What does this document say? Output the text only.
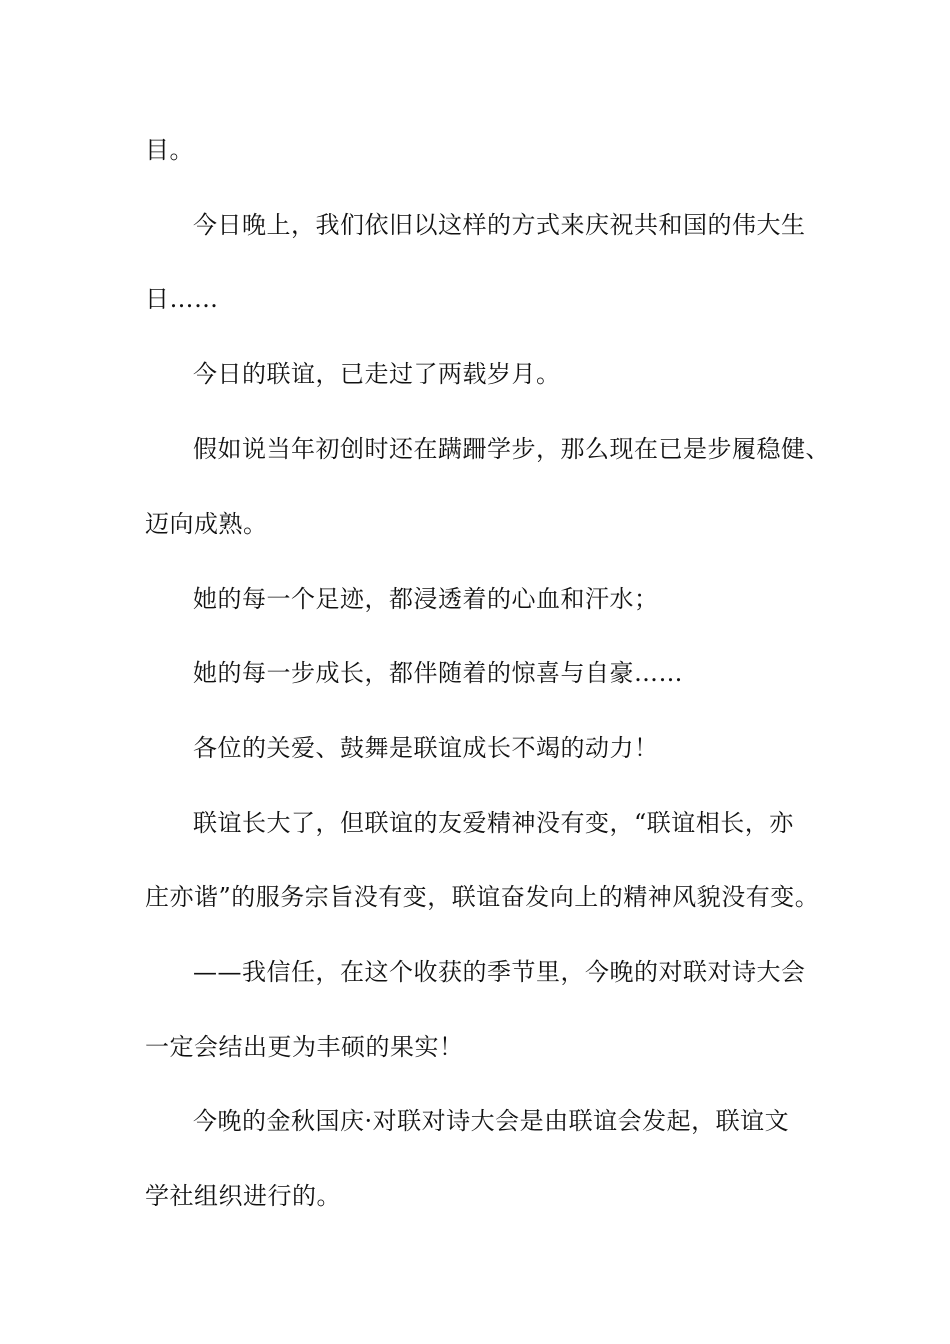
目。

今日晚上，我们依旧以这样的方式来庆祝共和国的伟大生

日……

今日的联谊，已走过了两载岁月。

假如说当年初创时还在蹒跚学步，那么现在已是步履稳健、

迈向成熟。

她的每一个足迹，都浸透着的心血和汗水；

她的每一步成长，都伴随着的惊喜与自豪……

各位的关爱、鼓舞是联谊成长不竭的动力！

联谊长大了，但联谊的友爱精神没有变，“联谊相长，亦

庄亦谐”的服务宗旨没有变，联谊奋发向上的精神风貌没有变。

——我信任，在这个收获的季节里，今晚的对联对诗大会

一定会结出更为丰硕的果实！

今晚的金秋国庆·对联对诗大会是由联谊会发起，联谊文

学社组织进行的。
